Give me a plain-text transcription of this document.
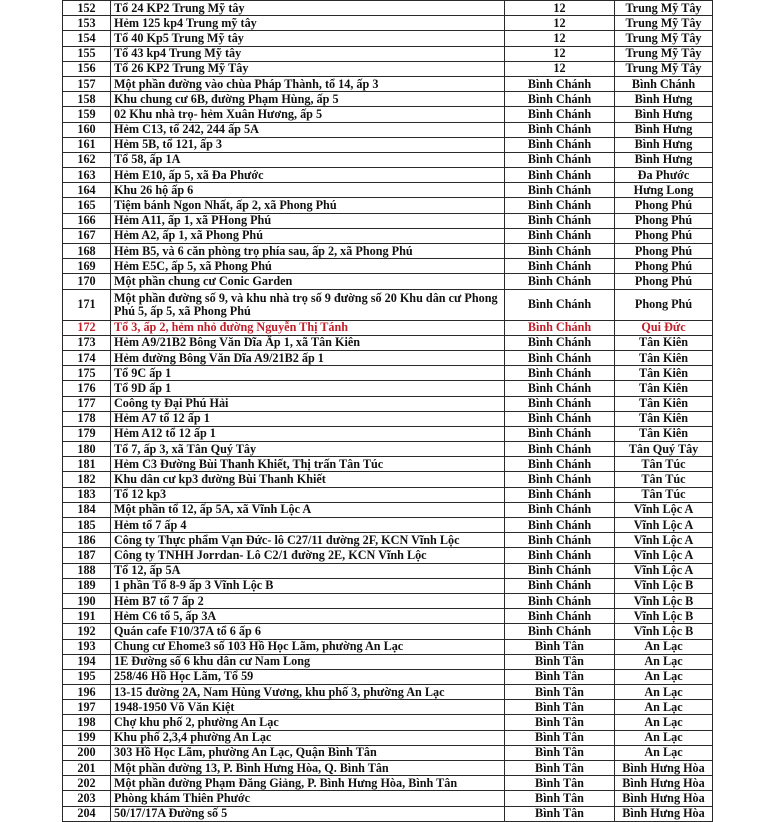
152	Tổ 24 KP2 Trung Mỹ tây	12	Trung Mỹ Tây
153	Hẻm 125 kp4 Trung mỹ tây	12	Trung Mỹ Tây
154	Tổ 40 Kp5 Trung Mỹ tây	12	Trung Mỹ Tây
155	Tổ 43 kp4 Trung Mỹ tây	12	Trung Mỹ Tây
156	Tổ 26 KP2 Trung Mỹ Tây	12	Trung Mỹ Tây
157	Một phần đường vào chùa Pháp Thành, tổ 14, ấp 3	Bình Chánh	Bình Chánh
158	Khu chung cư 6B, đường Phạm Hùng, ấp 5	Bình Chánh	Bình Hưng
159	02 Khu nhà trọ- hẻm Xuân Hương, ấp 5	Bình Chánh	Bình Hưng
160	Hẻm C13, tổ 242, 244 ấp 5A	Bình Chánh	Bình Hưng
161	Hẻm 5B, tổ 121, ấp 3	Bình Chánh	Bình Hưng
162	Tổ 58, ấp 1A	Bình Chánh	Bình Hưng
163	Hẻm E10, ấp 5, xã Đa Phước	Bình Chánh	Đa Phước
164	Khu 26 hộ ấp 6	Bình Chánh	Hưng Long
165	Tiệm bánh Ngon Nhất, ấp 2, xã Phong Phú	Bình Chánh	Phong Phú
166	Hẻm A11, ấp 1, xã PHong Phú	Bình Chánh	Phong Phú
167	Hẻm A2, ấp 1, xã Phong Phú	Bình Chánh	Phong Phú
168	Hẻm B5, và 6 căn phòng trọ phía sau, ấp 2, xã Phong Phú	Bình Chánh	Phong Phú
169	Hẻm E5C, ấp 5, xã Phong Phú	Bình Chánh	Phong Phú
170	Một phần chung cư Conic Garden	Bình Chánh	Phong Phú
171	Một phần đường số 9, và khu nhà trọ số 9 đường số 20 Khu dân cư Phong Phú 5, ấp 5, xã Phong Phú	Bình Chánh	Phong Phú
172	Tổ 3, ấp 2, hẻm nhỏ đường Nguyễn Thị Tánh	Bình Chánh	Qui Đức
173	Hẻm A9/21B2 Bông Văn Dĩa Ấp 1, xã Tân Kiên	Bình Chánh	Tân Kiên
174	Hẻm đường Bông Văn Dĩa A9/21B2 ấp 1	Bình Chánh	Tân Kiên
175	Tổ 9C ấp 1	Bình Chánh	Tân Kiên
176	Tổ 9D ấp 1	Bình Chánh	Tân Kiên
177	Coông ty Đại Phú Hải	Bình Chánh	Tân Kiên
178	Hẻm A7 tổ 12 ấp 1	Bình Chánh	Tân Kiên
179	Hẻm A12 tổ 12 ấp 1	Bình Chánh	Tân Kiên
180	Tổ 7, ấp 3, xã Tân Quý Tây	Bình Chánh	Tân Quý Tây
181	Hẻm C3 Đường Bùi Thanh Khiết, Thị trấn Tân Túc	Bình Chánh	Tân Túc
182	Khu dân cư kp3 đường Bùi Thanh Khiết	Bình Chánh	Tân Túc
183	Tổ 12 kp3	Bình Chánh	Tân Túc
184	Một phần tổ 12, ấp 5A, xã Vĩnh Lộc A	Bình Chánh	Vĩnh Lộc A
185	Hẻm tổ 7 ấp 4	Bình Chánh	Vĩnh Lộc A
186	Công ty Thực phẩm Vạn Đức- lô C27/11 đường 2F, KCN Vĩnh Lộc	Bình Chánh	Vĩnh Lộc A
187	Công ty TNHH Jorrdan- Lô C2/1 đường 2E, KCN Vĩnh Lộc	Bình Chánh	Vĩnh Lộc A
188	Tổ 12, ấp 5A	Bình Chánh	Vĩnh Lộc A
189	1 phần Tổ 8-9 ấp 3 Vĩnh Lộc B	Bình Chánh	Vĩnh Lộc B
190	Hẻm B7 tổ 7 ấp 2	Bình Chánh	Vĩnh Lộc B
191	Hẻm C6 tổ 5, ấp 3A	Bình Chánh	Vĩnh Lộc B
192	Quán cafe F10/37A tổ 6 ấp 6	Bình Chánh	Vĩnh Lộc B
193	Chung cư Ehome3 số 103 Hồ Học Lãm, phường An Lạc	Bình Tân	An Lạc
194	1E Đường số 6 khu dân cư Nam Long	Bình Tân	An Lạc
195	258/46 Hồ Học Lãm, Tổ 59	Bình Tân	An Lạc
196	13-15 đường 2A, Nam Hùng Vương, khu phố 3, phường An Lạc	Bình Tân	An Lạc
197	1948-1950 Võ Văn Kiệt	Bình Tân	An Lạc
198	Chợ khu phố 2, phường An Lạc	Bình Tân	An Lạc
199	Khu phố 2,3,4 phường An Lạc	Bình Tân	An Lạc
200	303 Hồ Học Lãm, phường An Lạc, Quận Bình Tân	Bình Tân	An Lạc
201	Một phần đường 13, P. Bình Hưng Hòa, Q. Bình Tân	Bình Tân	Bình Hưng Hòa
202	Một phần đường Phạm Đăng Giảng, P. Bình Hưng Hòa, Bình Tân	Bình Tân	Bình Hưng Hòa
203	Phòng khám Thiên Phước	Bình Tân	Bình Hưng Hòa
204	50/17/17A Đường số 5	Bình Tân	Bình Hưng Hòa
